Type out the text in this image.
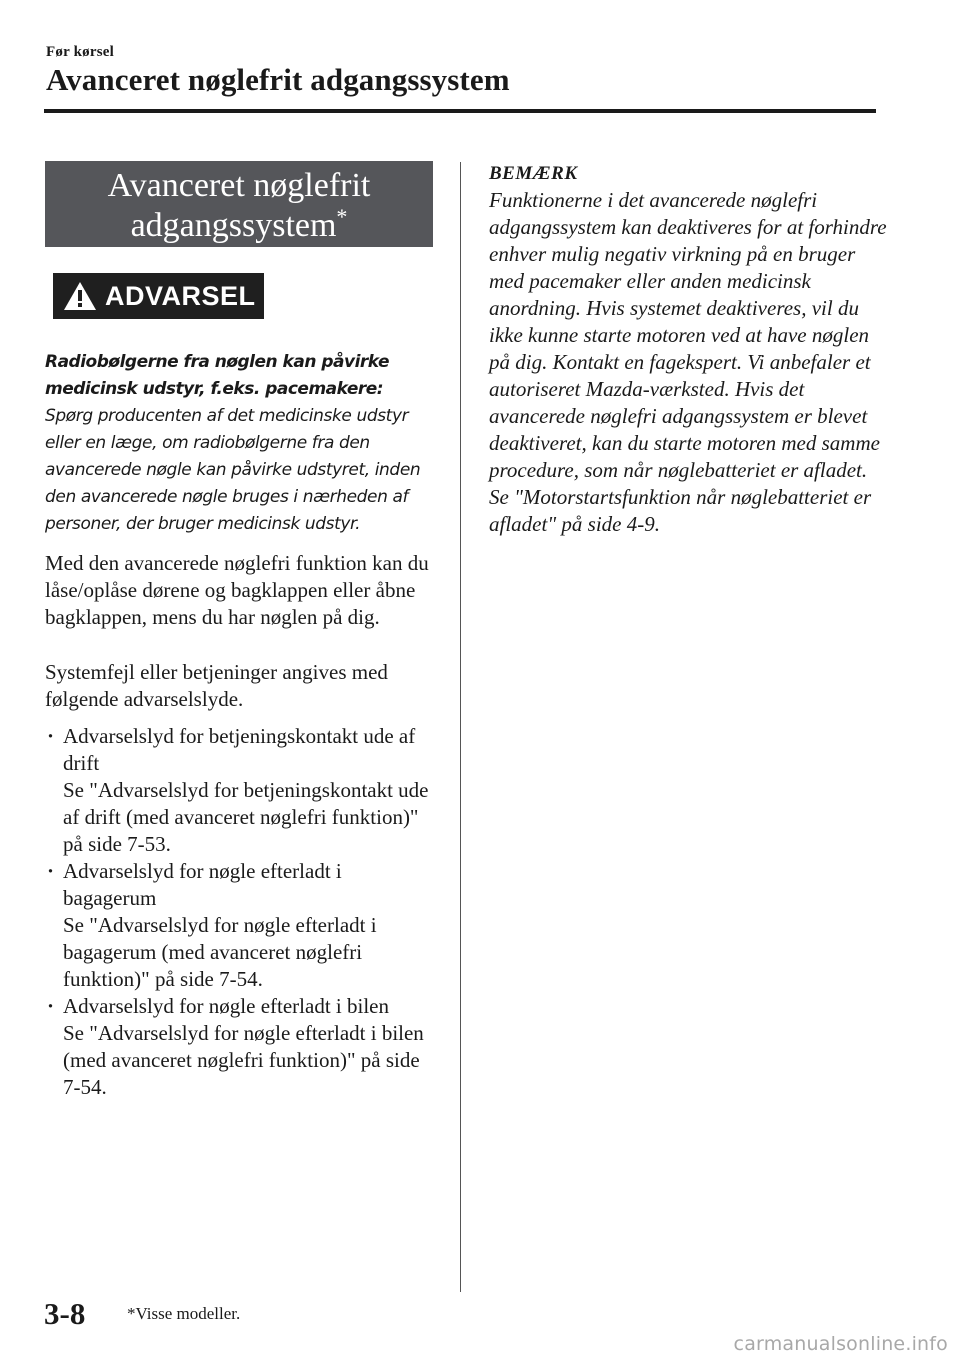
Før kørsel
Avanceret nøglefrit adgangssystem
Avanceret nøglefrit
adgangssystem*
ADVARSEL
Radiobølgerne fra nøglen kan påvirke medicinsk udstyr, f.eks. pacemakere:
Spørg producenten af det medicinske udstyr eller en læge, om radiobølgerne fra den avancerede nøgle kan påvirke udstyret, inden den avancerede nøgle bruges i nærheden af personer, der bruger medicinsk udstyr.
Med den avancerede nøglefri funktion kan du låse/oplåse dørene og bagklappen eller åbne bagklappen, mens du har nøglen på dig.
Systemfejl eller betjeninger angives med følgende advarselslyde.
· Advarselslyd for betjeningskontakt ude af drift
Se "Advarselslyd for betjeningskontakt ude af drift (med avanceret nøglefri funktion)" på side 7-53.
· Advarselslyd for nøgle efterladt i bagagerum
Se "Advarselslyd for nøgle efterladt i bagagerum (med avanceret nøglefri funktion)" på side 7-54.
· Advarselslyd for nøgle efterladt i bilen
Se "Advarselslyd for nøgle efterladt i bilen (med avanceret nøglefri funktion)" på side 7-54.
BEMÆRK
Funktionerne i det avancerede nøglefri adgangssystem kan deaktiveres for at forhindre enhver mulig negativ virkning på en bruger med pacemaker eller anden medicinsk anordning. Hvis systemet deaktiveres, vil du ikke kunne starte motoren ved at have nøglen på dig. Kontakt en fagekspert. Vi anbefaler et autoriseret Mazda-værksted. Hvis det avancerede nøglefri adgangssystem er blevet deaktiveret, kan du starte motoren med samme procedure, som når nøglebatteriet er afladet.
Se "Motorstartsfunktion når nøglebatteriet er afladet" på side 4-9.
3-8 *Visse modeller.
carmanualsonline.info
